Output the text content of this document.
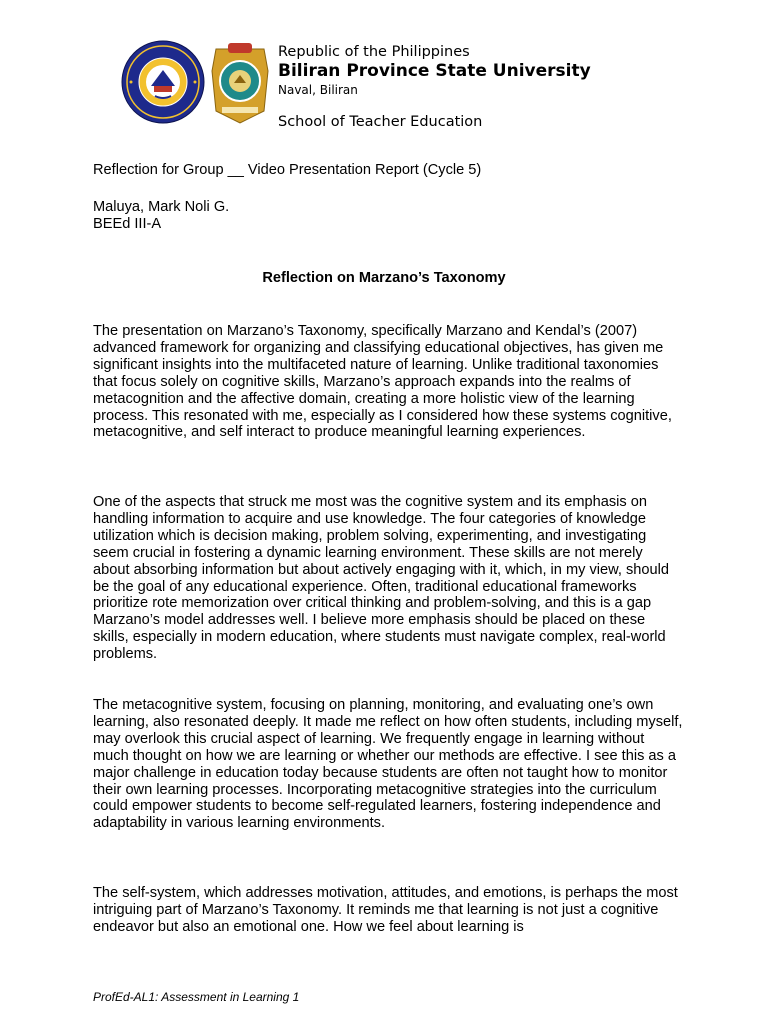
Republic of the Philippines
Biliran Province State University
Naval, Biliran
School of Teacher Education
Reflection for Group __ Video Presentation Report (Cycle 5)
Maluya, Mark Noli G.
BEEd III-A
Reflection on Marzano’s Taxonomy
The presentation on Marzano’s Taxonomy, specifically Marzano and Kendal’s (2007) advanced framework for organizing and classifying educational objectives, has given me significant insights into the multifaceted nature of learning. Unlike traditional taxonomies that focus solely on cognitive skills, Marzano’s approach expands into the realms of metacognition and the affective domain, creating a more holistic view of the learning process. This resonated with me, especially as I considered how these systems cognitive, metacognitive, and self interact to produce meaningful learning experiences.
One of the aspects that struck me most was the cognitive system and its emphasis on handling information to acquire and use knowledge. The four categories of knowledge utilization which is decision making, problem solving, experimenting, and investigating seem crucial in fostering a dynamic learning environment. These skills are not merely about absorbing information but about actively engaging with it, which, in my view, should be the goal of any educational experience. Often, traditional educational frameworks prioritize rote memorization over critical thinking and problem-solving, and this is a gap Marzano’s model addresses well. I believe more emphasis should be placed on these skills, especially in modern education, where students must navigate complex, real-world problems.
The metacognitive system, focusing on planning, monitoring, and evaluating one’s own learning, also resonated deeply. It made me reflect on how often students, including myself, may overlook this crucial aspect of learning. We frequently engage in learning without much thought on how we are learning or whether our methods are effective. I see this as a major challenge in education today because students are often not taught how to monitor their own learning processes. Incorporating metacognitive strategies into the curriculum could empower students to become self-regulated learners, fostering independence and adaptability in various learning environments.
The self-system, which addresses motivation, attitudes, and emotions, is perhaps the most intriguing part of Marzano’s Taxonomy. It reminds me that learning is not just a cognitive endeavor but also an emotional one. How we feel about learning is
ProfEd-AL1: Assessment in Learning 1
